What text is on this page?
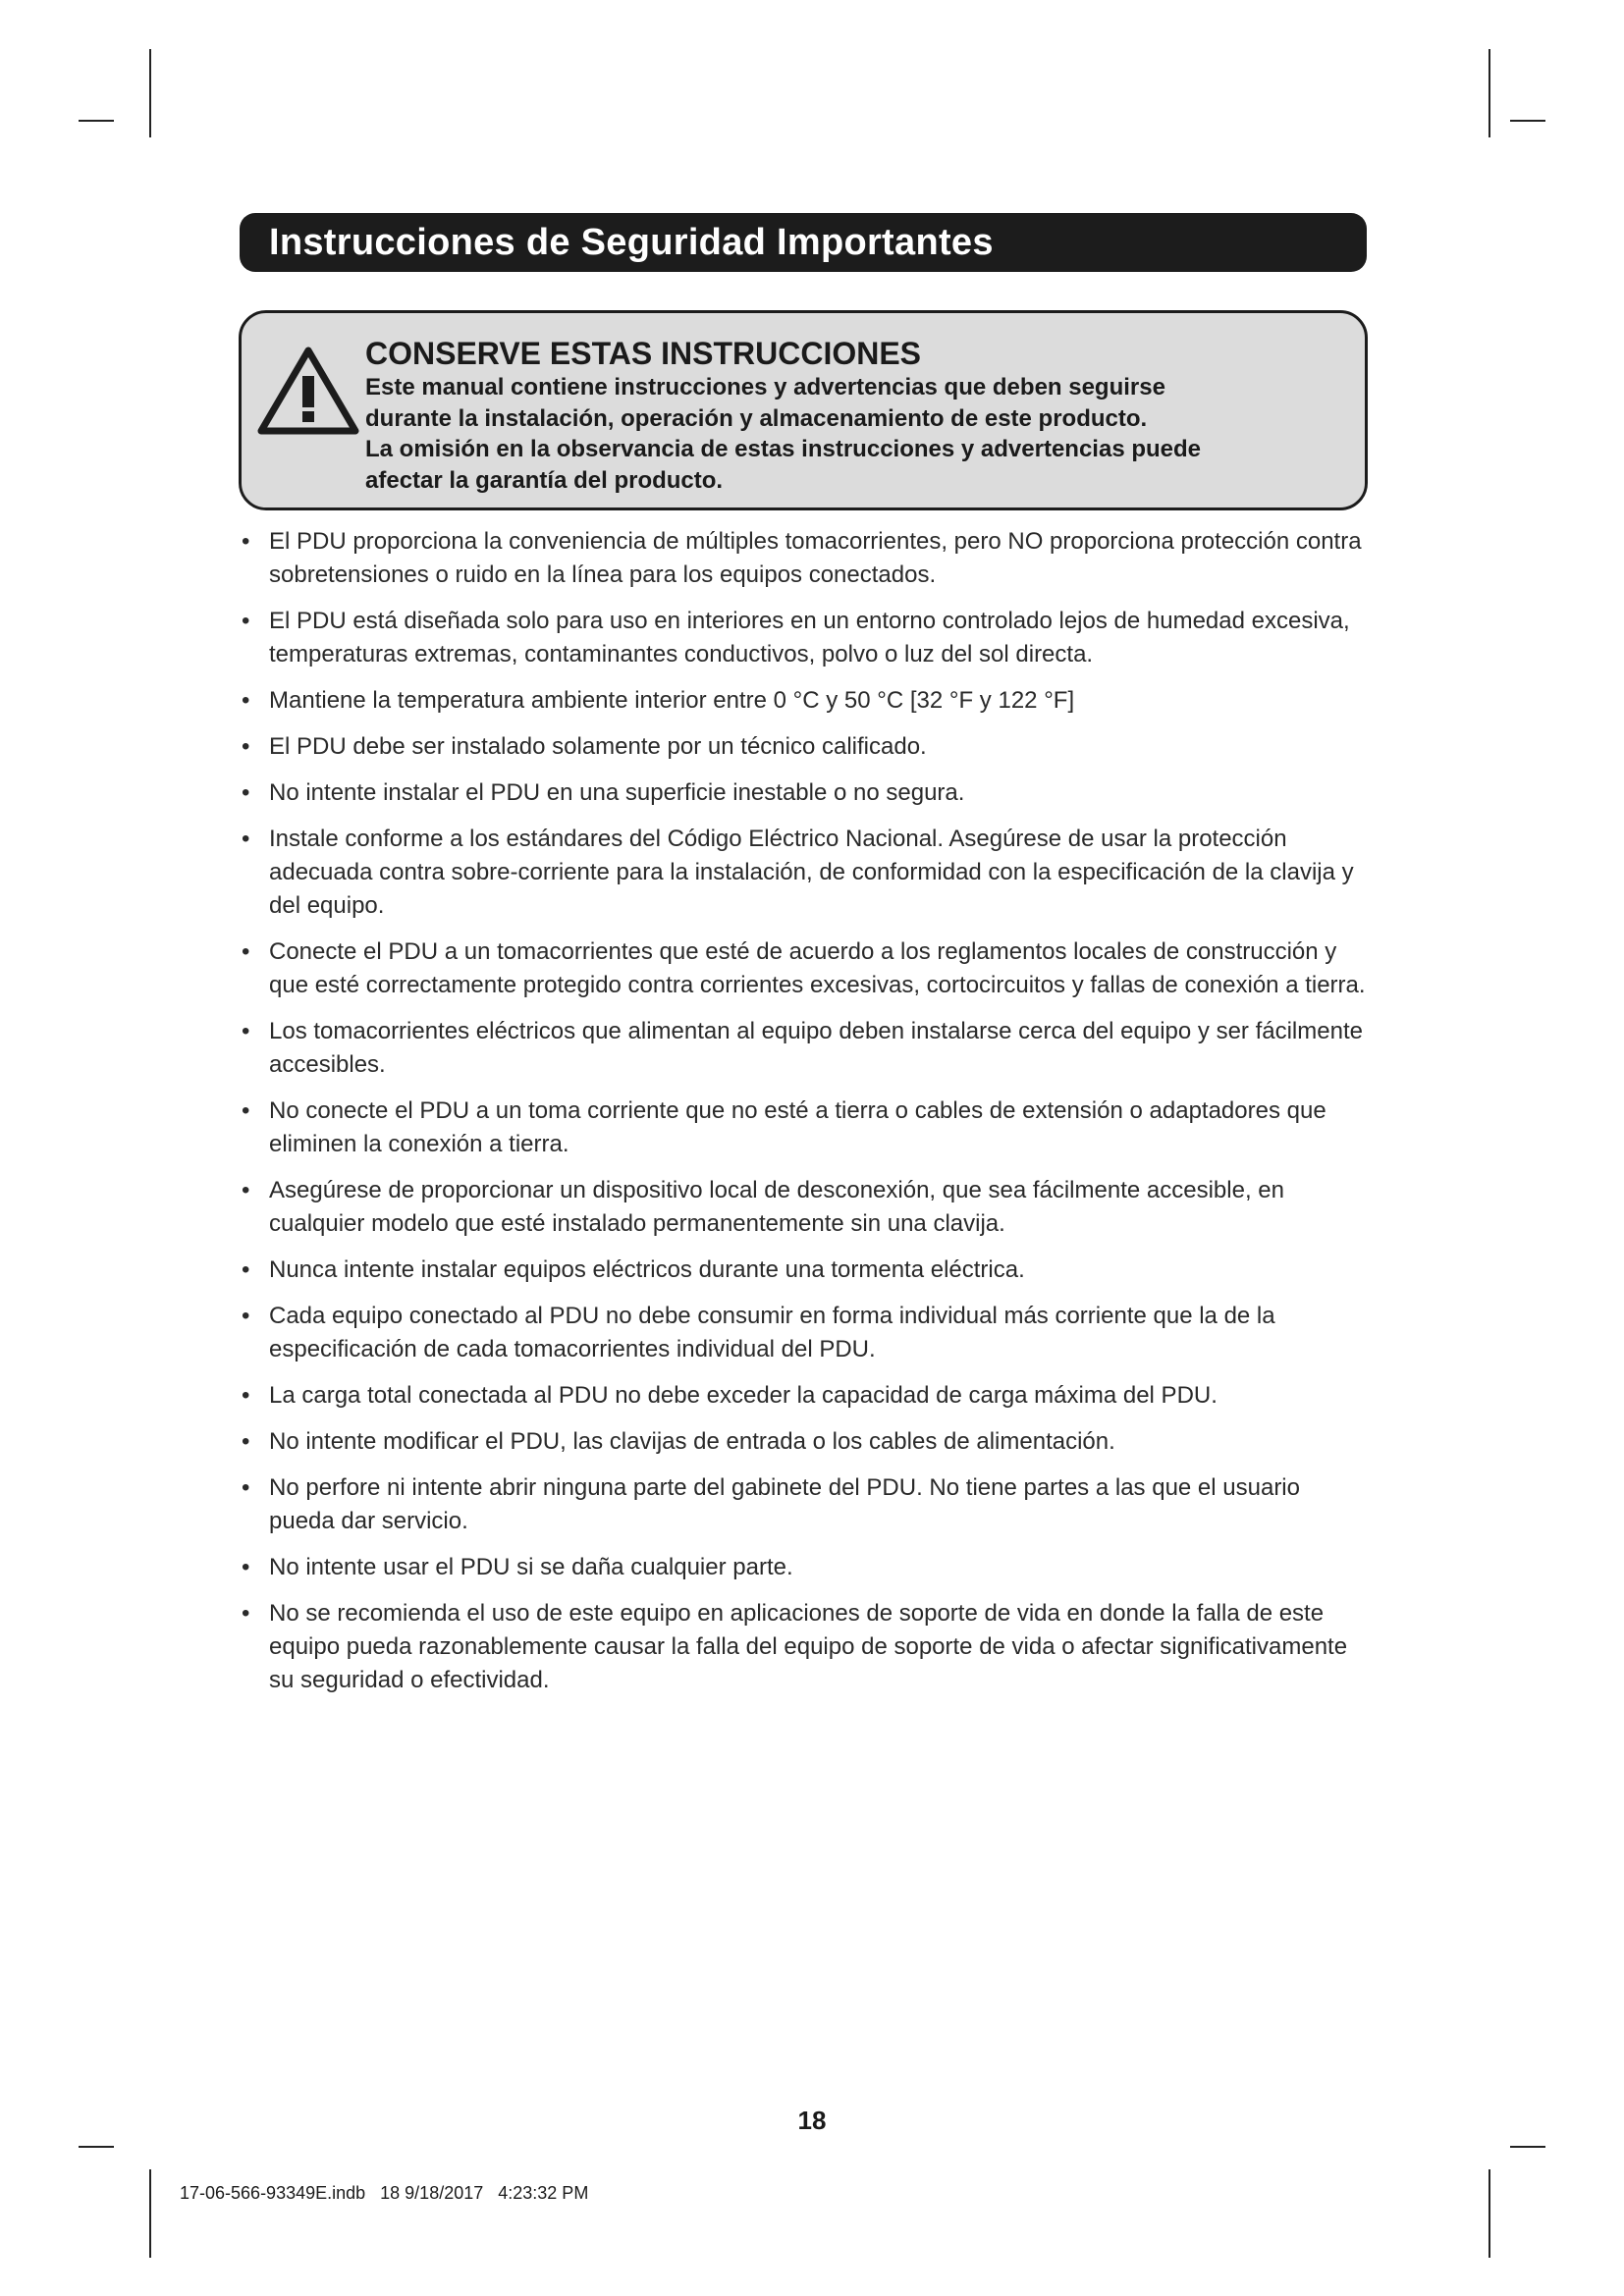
Instrucciones de Seguridad Importantes
CONSERVE ESTAS INSTRUCCIONES
Este manual contiene instrucciones y advertencias que deben seguirse
durante la instalación, operación y almacenamiento de este producto.
La omisión en la observancia de estas instrucciones y advertencias puede
afectar la garantía del producto.
• El PDU proporciona la conveniencia de múltiples tomacorrientes, pero NO proporciona protección contra sobretensiones o ruido en la línea para los equipos conectados.
• El PDU está diseñada solo para uso en interiores en un entorno controlado lejos de humedad excesiva, temperaturas extremas, contaminantes conductivos, polvo o luz del sol directa.
• Mantiene la temperatura ambiente interior entre 0 °C y 50 °C [32 °F y 122 °F]
• El PDU debe ser instalado solamente por un técnico calificado.
• No intente instalar el PDU en una superficie inestable o no segura.
• Instale conforme a los estándares del Código Eléctrico Nacional. Asegúrese de usar la protección adecuada contra sobre-corriente para la instalación, de conformidad con la especificación de la clavija y del equipo.
• Conecte el PDU a un tomacorrientes que esté de acuerdo a los reglamentos locales de construcción y que esté correctamente protegido contra corrientes excesivas, cortocircuitos y fallas de conexión a tierra.
• Los tomacorrientes eléctricos que alimentan al equipo deben instalarse cerca del equipo y ser fácilmente accesibles.
• No conecte el PDU a un toma corriente que no esté a tierra o cables de extensión o adaptadores que eliminen la conexión a tierra.
• Asegúrese de proporcionar un dispositivo local de desconexión, que sea fácilmente accesible, en cualquier modelo que esté instalado permanentemente sin una clavija.
• Nunca intente instalar equipos eléctricos durante una tormenta eléctrica.
• Cada equipo conectado al PDU no debe consumir en forma individual más corriente que la de la especificación de cada tomacorrientes individual del PDU.
• La carga total conectada al PDU no debe exceder la capacidad de carga máxima del PDU.
• No intente modificar el PDU, las clavijas de entrada o los cables de alimentación.
• No perfore ni intente abrir ninguna parte del gabinete del PDU. No tiene partes a las que el usuario pueda dar servicio.
• No intente usar el PDU si se daña cualquier parte.
• No se recomienda el uso de este equipo en aplicaciones de soporte de vida en donde la falla de este equipo pueda razonablemente causar la falla del equipo de soporte de vida o afectar significativamente su seguridad o efectividad.
18
17-06-566-93349E.indb   18 9/18/2017   4:23:32 PM
